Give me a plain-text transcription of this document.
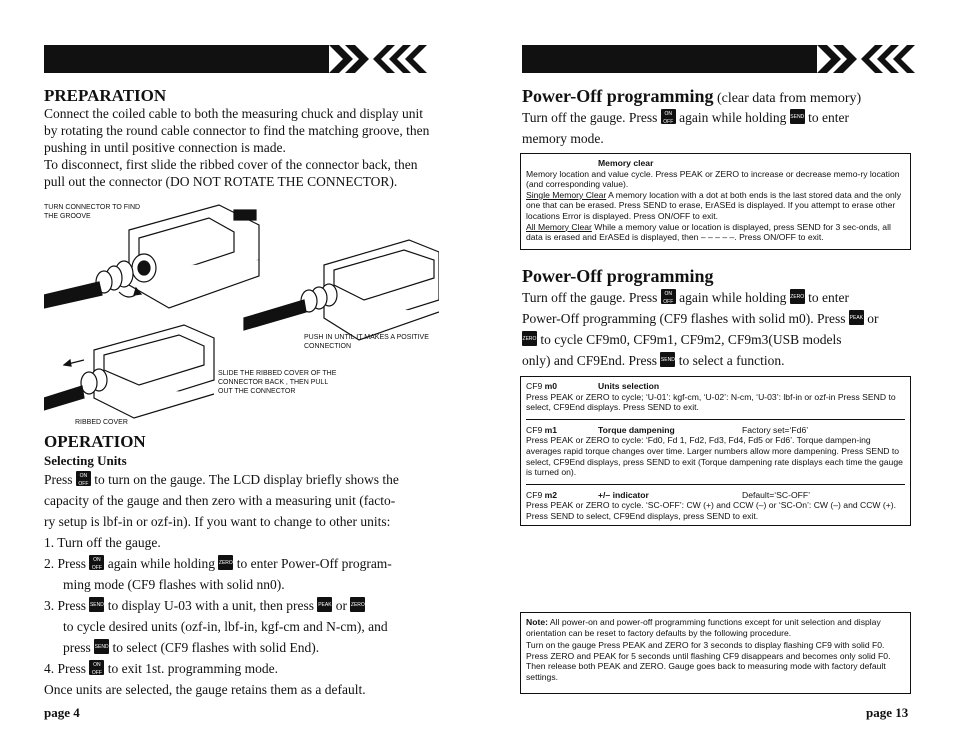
PREPARATION
Connect the coiled cable to both the measuring chuck and display unit by rotating the round cable connector to find the matching groove, then pushing in until positive connection is made.
To disconnect, first slide the ribbed cover of the connector back, then pull out the connector (DO NOT ROTATE THE CONNECTOR).
TURN CONNECTOR TO FIND
THE GROOVE
PUSH IN UNTIL IT MAKES A POSITIVE
CONNECTION
SLIDE THE RIBBED COVER OF THE
CONNECTOR BACK , THEN PULL
OUT THE CONNECTOR
RIBBED COVER
OPERATION
Selecting Units
Press	ON
OFF to turn on the gauge. The LCD display briefly shows the
capacity of the gauge and then zero with a measuring unit (facto-
ry setup is lbf-in or ozf-in). If you want to change to other units:
1. Turn off the gauge.
2. Press	ON
OFF again while holding ZERO to enter Power-Off program-
ming mode (CF9 flashes with solid nn0).
3. Press SEND to display U-03 with a unit, then press PEAK or ZERO
to cycle desired units (ozf-in, lbf-in, kgf-cm and N-cm), and
press SEND to select (CF9 flashes with solid End).
4. Press	ON
OFF to exit 1st. programming mode.
Once units are selected, the gauge retains them as a default.
page 4
Power-Off programming (clear data from memory)
Turn off the gauge. Press	ON
OFF again while holding SEND to enter
memory mode.
Memory clear
Memory location and value cycle. Press PEAK or ZERO to increase or decrease memo-ry location (and corresponding value).
Single Memory Clear A memory location with a dot at both ends is the last stored data and the only one that can be erased. Press SEND to erase, ErASEd is displayed. If you attempt to erase other locations Error is displayed. Press ON/OFF to exit.
All Memory Clear While a memory value or location is displayed, press SEND for 3 sec-onds, all data is erased and ErASEd is displayed, then – – – – –. Press ON/OFF to exit.
Power-Off programming
Turn off the gauge. Press	ON
OFF again while holding ZERO to enter
Power-Off programming (CF9 flashes with solid m0). Press PEAK or
ZERO to cycle CF9m0, CF9m1, CF9m2, CF9m3(USB models
only) and CF9End. Press SEND to select a function.
CF9 m0	Units selection
Press PEAK or ZERO to cycle; ‘U-01’: kgf-cm, ‘U-02’: N-cm, ‘U-03’: lbf-in or ozf-in Press SEND to select, CF9End displays. Press SEND to exit.
CF9 m1	Torque dampening	Factory set=‘Fd6’
Press PEAK or ZERO to cycle: ‘Fd0, Fd 1, Fd2, Fd3, Fd4, Fd5 or Fd6’. Torque dampen-ing averages rapid torque changes over time. Larger numbers allow more dampening. Press SEND to select, CF9End displays, press SEND to exit (Torque dampening rate displays each time the gauge is turned on).
CF9 m2	+/– indicator	Default=‘SC-OFF’
Press PEAK or ZERO to cycle. ‘SC-OFF’: CW (+) and CCW (–) or ‘SC-On’: CW (–) and CCW (+). Press SEND to select, CF9End displays, press SEND to exit.
Note: All power-on and power-off programming functions except for unit selection and display orientation can be reset to factory defaults by the following procedure.
Turn on the gauge Press PEAK and ZERO for 3 seconds to display flashing CF9 with solid F0. Press ZERO and PEAK for 5 seconds until flashing CF9 disappears and becomes only solid F0. Then release both PEAK and ZERO. Gauge goes back to measuring mode with factory default settings.
page 13
